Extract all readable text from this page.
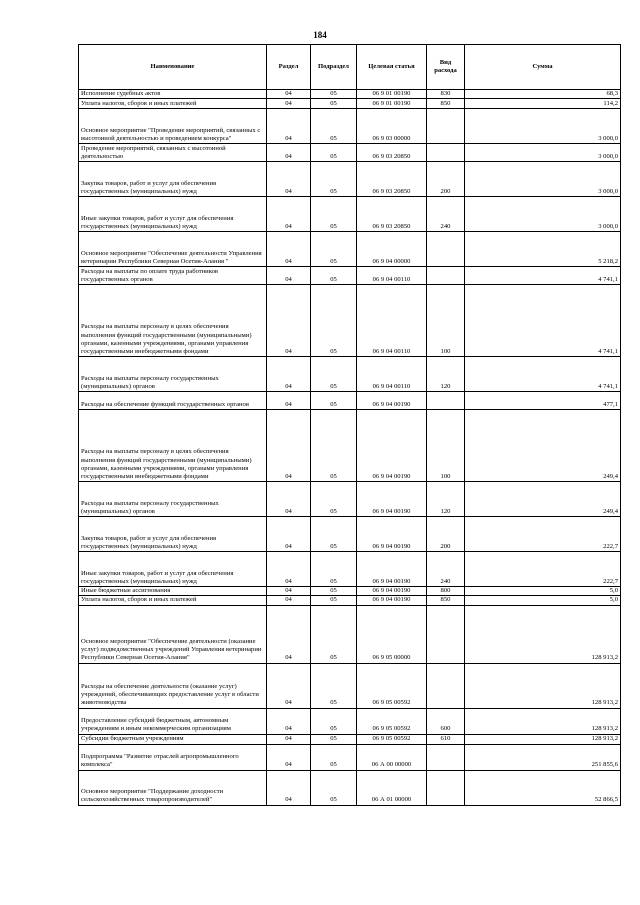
184
Наименование	Раздел	Подраздел	Целевая статья	Вид расхода	Сумма
Исполнение судебных актов	04	05	06 9 01 00190	830	68,3
Уплата налогов, сборов и иных платежей	04	05	06 9 01 00190	850	114,2
Основное мероприятие "Проведение мероприятий, связанных с высотоиной деятельностью и проведением конкурса"	04	05	06 9 03 00000		3 000,0
Проведение мероприятий, связанных с высотоиной деятельностью	04	05	06 9 03 20850		3 000,0
Закупка товаров, работ и услуг для обеспечения государственных (муниципальных) нужд	04	05	06 9 03 20850	200	3 000,0
Иные закупки товаров, работ и услуг для обеспечения государственных (муниципальных) нужд	04	05	06 9 03 20850	240	3 000,0
Основное мероприятие "Обеспечение деятельности Управления ветеринарии Республики Северная Осетия-Алания "	04	05	06 9 04 00000		5 218,2
Расходы на выплаты по оплате труда работников государственных органов	04	05	06 9 04 00110		4 741,1
Расходы на выплаты персоналу в целях обеспечения выполнения функций государственными (муниципальными) органами, казенными учреждениями, органами управления государственными внебюджетными фондами	04	05	06 9 04 00110	100	4 741,1
Расходы на выплаты персоналу государственных (муниципальных) органов	04	05	06 9 04 00110	120	4 741,1
Расходы на обеспечение функций государственных органов	04	05	06 9 04 00190		477,1
Расходы на выплаты персоналу в целях обеспечения выполнения функций государственными (муниципальными) органами, казенными учреждениями, органами управления государственными внебюджетными фондами	04	05	06 9 04 00190	100	249,4
Расходы на выплаты персоналу государственных (муниципальных) органов	04	05	06 9 04 00190	120	249,4
Закупка товаров, работ и услуг для обеспечения государственных (муниципальных) нужд	04	05	06 9 04 00190	200	222,7
Иные закупки товаров, работ и услуг для обеспечения государственных (муниципальных) нужд	04	05	06 9 04 00190	240	222,7
Иные бюджетные ассигнования	04	05	06 9 04 00190	800	5,0
Уплата налогов, сборов и иных платежей	04	05	06 9 04 00190	850	5,0
Основное мероприятие "Обеспечение деятельности (оказание услуг) подведомственных учреждений Управления ветеринарии Республики Северная Осетия-Алания"	04	05	06 9 05 00000		128 913,2
Расходы на обеспечение деятельности (оказание услуг) учреждений, обеспечивающих предоставление услуг в области животноводства	04	05	06 9 05 00592		128 913,2
Предоставление субсидий бюджетным, автономным учреждениям и иным некоммерческим организациям	04	05	06 9 05 00592	600	128 913,2
Субсидии бюджетным учреждениям	04	05	06 9 05 00592	610	128 913,2
Подпрограмма "Развитие отраслей агропромышленного комплекса"	04	05	06 А 00 00000		251 855,6
Основное мероприятие "Поддержание доходности сельскохозяйственных товаропроизводителей"	04	05	06 А 01 00000		52 866,5
